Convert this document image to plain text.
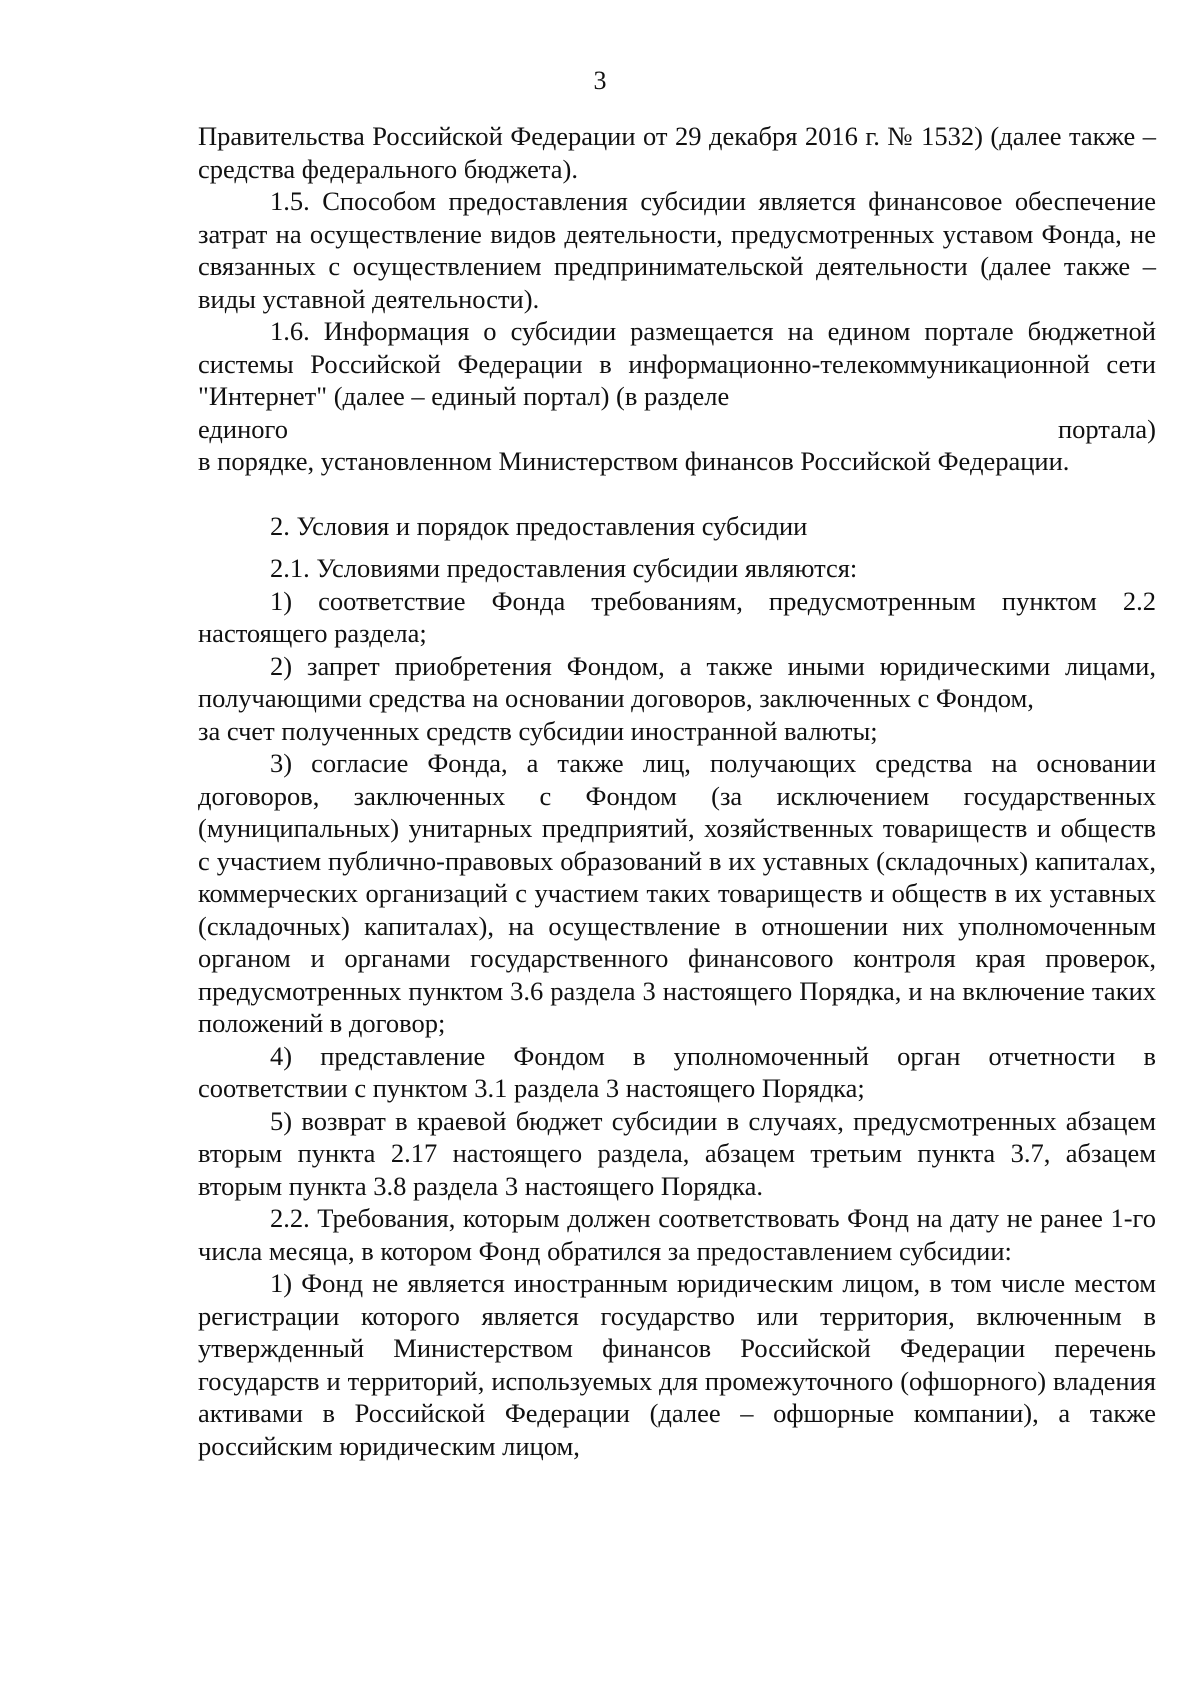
3

Правительства Российской Федерации от 29 декабря 2016 г. № 1532) (далее также – средства федерального бюджета).

1.5. Способом предоставления субсидии является финансовое обеспечение затрат на осуществление видов деятельности, предусмотренных уставом Фонда, не связанных с осуществлением предпринимательской деятельности (далее также – виды уставной деятельности).

1.6. Информация о субсидии размещается на едином портале бюджетной системы Российской Федерации в информационно-телекоммуникационной сети "Интернет" (далее – единый портал) (в разделе

единого	портала)

в порядке, установленном Министерством финансов Российской Федерации.

2. Условия и порядок предоставления субсидии

2.1. Условиями предоставления субсидии являются:

1) соответствие Фонда требованиям, предусмотренным пунктом 2.2 настоящего раздела;

2) запрет приобретения Фондом, а также иными юридическими лицами, получающими средства на основании договоров, заключенных с Фондом,

за счет полученных средств субсидии иностранной валюты;

3) согласие Фонда, а также лиц, получающих средства на основании договоров, заключенных с Фондом (за исключением государственных (муниципальных) унитарных предприятий, хозяйственных товариществ и обществ с участием публично-правовых образований в их уставных (складочных) капиталах, коммерческих организаций с участием таких товариществ и обществ в их уставных (складочных) капиталах), на осуществление в отношении них уполномоченным органом и органами государственного финансового контроля края проверок, предусмотренных пунктом 3.6 раздела 3 настоящего Порядка, и на включение таких положений в договор;

4) представление Фондом в уполномоченный орган отчетности в соответствии с пунктом 3.1 раздела 3 настоящего Порядка;

5) возврат в краевой бюджет субсидии в случаях, предусмотренных абзацем вторым пункта 2.17 настоящего раздела, абзацем третьим пункта 3.7, абзацем вторым пункта 3.8 раздела 3 настоящего Порядка.

2.2. Требования, которым должен соответствовать Фонд на дату не ранее 1-го числа месяца, в котором Фонд обратился за предоставлением субсидии:

1) Фонд не является иностранным юридическим лицом, в том числе местом регистрации которого является государство или территория, включенным в утвержденный Министерством финансов Российской Федерации перечень государств и территорий, используемых для промежуточного (офшорного) владения активами в Российской Федерации (далее – офшорные компании), а также российским юридическим лицом,
